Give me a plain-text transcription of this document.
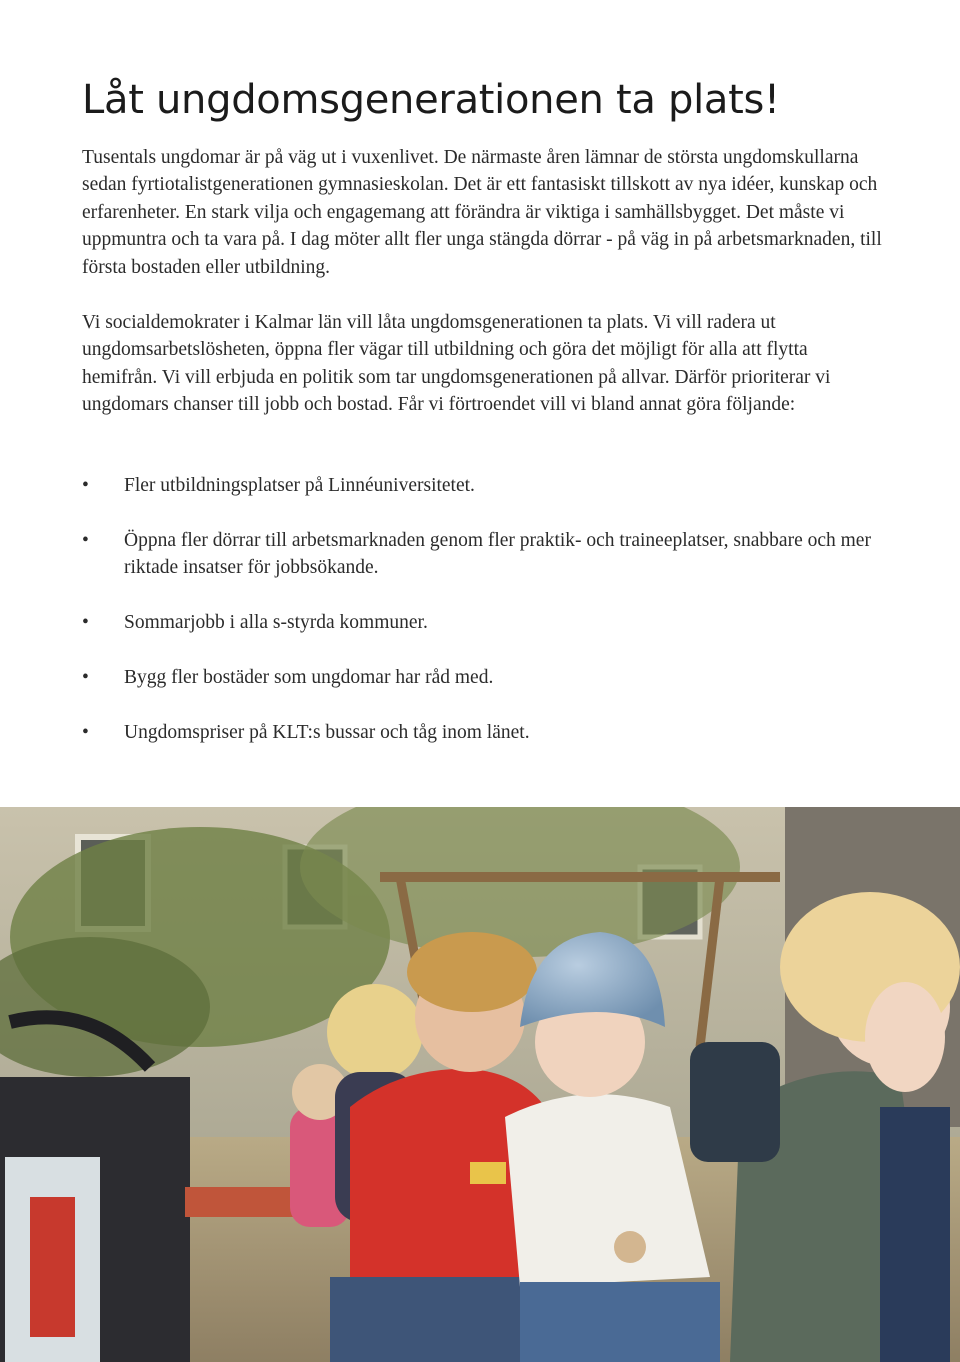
Låt ungdomsgenerationen ta plats!

Tusentals ungdomar är på väg ut i vuxenlivet. De närmaste åren lämnar de största ungdomskullarna sedan fyrtiotalistgenerationen gymnasieskolan. Det är ett fantasiskt tillskott av nya idéer, kunskap och erfarenheter. En stark vilja och engagemang att förändra är viktiga i samhällsbygget. Det måste vi uppmuntra och ta vara på. I dag möter allt fler unga stängda dörrar - på väg in på arbetsmarknaden, till första bostaden eller utbildning.

Vi socialdemokrater i Kalmar län vill låta ungdomsgenerationen ta plats. Vi vill radera ut ungdomsarbetslösheten, öppna fler vägar till utbildning och göra det möjligt för alla att flytta hemifrån. Vi vill erbjuda en politik som tar ungdomsgenerationen på allvar. Därför prioriterar vi ungdomars chanser till jobb och bostad. Får vi förtroendet vill vi bland annat göra följande:

• Fler utbildningsplatser på Linnéuniversitetet.
• Öppna fler dörrar till arbetsmarknaden genom fler praktik- och traineeplatser, snabbare och mer riktade insatser för jobbsökande.
• Sommarjobb i alla s-styrda kommuner.
• Bygg fler bostäder som ungdomar har råd med.
• Ungdomspriser på KLT:s bussar och tåg inom länet.
